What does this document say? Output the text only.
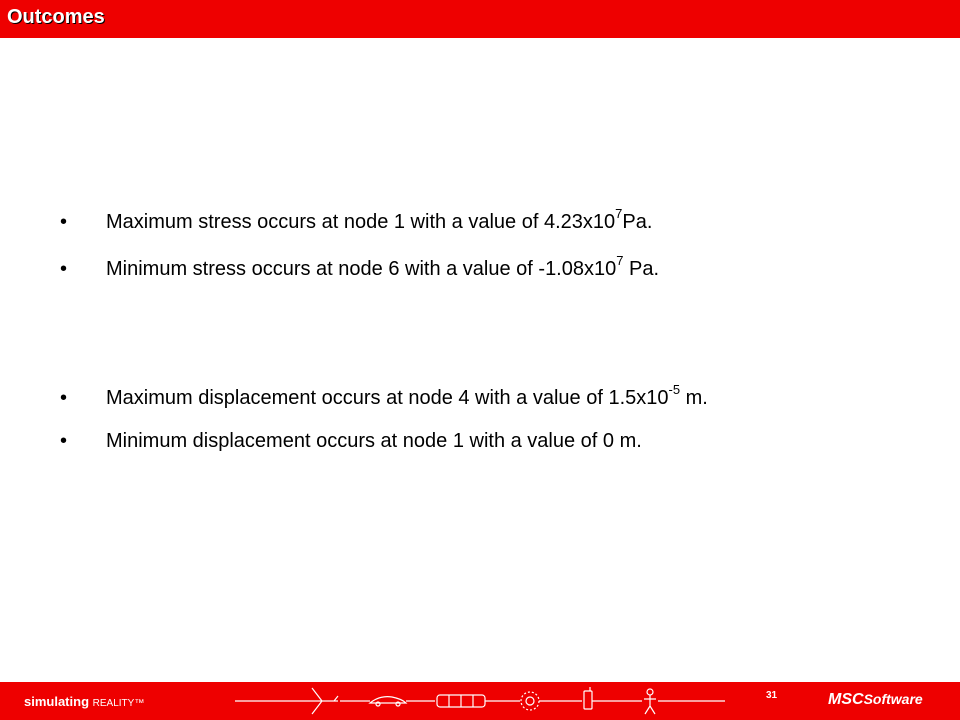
Outcomes
• Maximum stress occurs at node 1 with a value of $4.23x10^7Pa$.
• Minimum stress occurs at node 6 with a value of $-1.08x10^7$ Pa.
• Maximum displacement occurs at node 4 with a value of $1.5x10^{-5}$ m.
• Minimum displacement occurs at node 1 with a value of 0 m.
simulating REALITY™
31	MSCSoftware
